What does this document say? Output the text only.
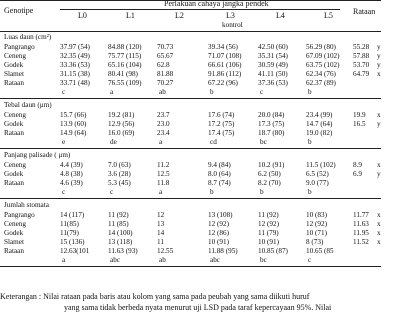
Genotipe
Perlakuan cahaya jangka pendek
Rataan
kontrol
L0	L1	L2	L3	L4	L5
Luas daun (cm²)
Pangrango	37.97 (54)	84.88 (120) 70.73	39.34 (56)	42.50 (60)	56.29 (80) 55.28 y
Ceneng	32.35 (49)	75.77 (115) 65.67	71.07 (108) 35.31 (54)	67.09 (102) 57.88 y
Godek	33.36 (53)	65.16 (104) 62.8	66.61 (106) 30.59 (49)	63.75 (102) 53.70 y
Slamet	31.15 (38)	80.41 (98)	81.88	91.86 (112) 41.11 (50)	62.34 (76) 64.79 x
Rataan	33.71 (48)	76.55 (109) 70.27	67.22 (96)	37.36 (53)	62.37 (89)
c	a	ab	b	c	b
Tebal daun (μm)
Ceneng	15.7 (66)	19.2 (81)	23.7	17.6 (74)	20.0 (84)	23.4 (99)	19.9 x
Godek	13.9 (60)	12.9 (56)	23.0	17.2 (75)	17.3 (75)	14.7 (64)	16.5 y
Rataan	14.9 (64)	16.0 (69)	23.4	17.4 (75)	18.7 (80)	19.0 (82)
e	de	a	cd	bc	b
Panjang palisade ( μm)
Ceneng	4.4 (39)	7.0 (63)	11.2	9.4 (84)	10.2 (91)	11.5 (102) 8.9 x
Godek	4.8 (38)	3.6 (28)	12.5	8.0 (64)	6.2 (50)	6.5 (52)	6.9 y
Rataan	4.6 (39)	5.3 (45)	11.8	8.7 (74)	8.2 (70)	9.0 (77)
c	c	a	b	b	b
Jumlah stomata
Pangrango	14 (117)	11 (92)	12	13 (108)	11 (92)	10 (83)	11.77 x
Ceneng	11(85)	11 (85)	13	12 (92)	12 (92)	12 (92)	11.63 x
Godek	11(79)	14 (100)	14	12 (86)	11 (79)	10 (71)	11.95 x
Slamet	15 (136)	13 (118)	11	10 (91)	10 (91)	8 (73)	11.52 x
Rataan	12.63(101	11.63 (93)	12.55	11.88 (95)	10.85 (87)	10.65 (85
a	abc	ab	abc	bc	c
Keterangan : Nilai rataan pada baris atau kolom yang sama pada peubah yang sama diikuti huruf
yang sama tidak berbeda nyata menurut uji LSD pada taraf kepercayaan 95%. Nilai
